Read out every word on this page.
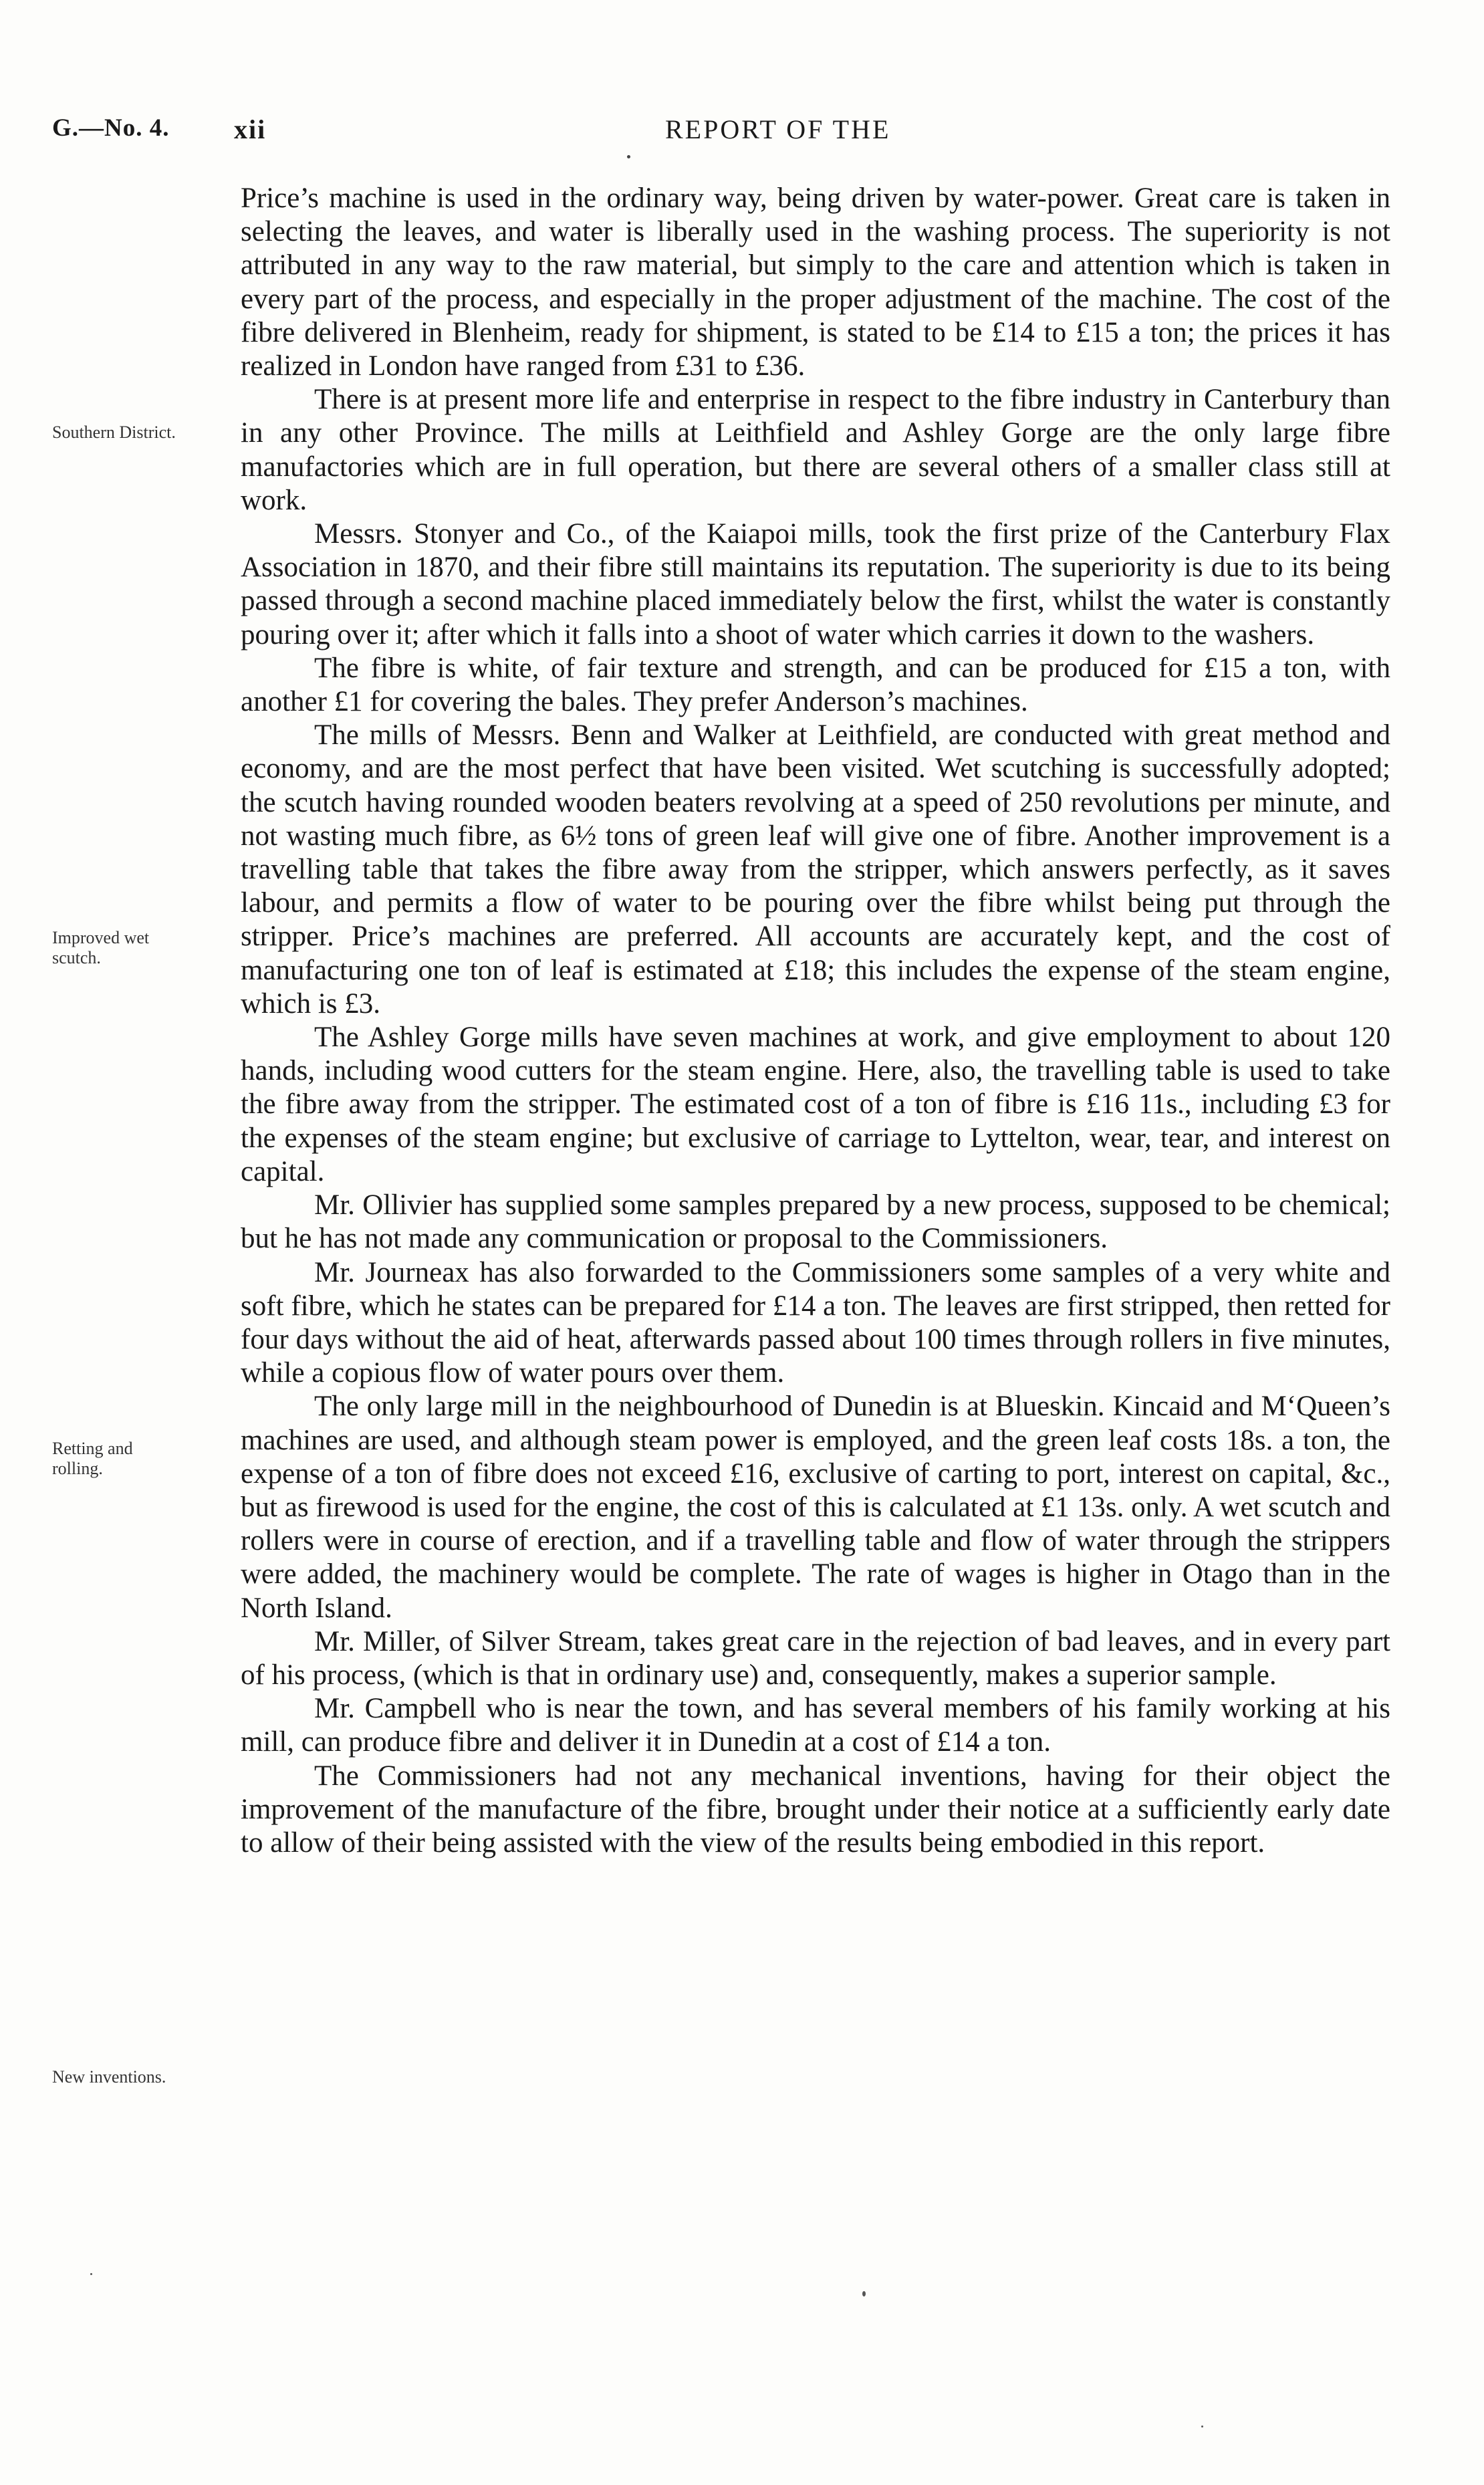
G.—No. 4. xii	REPORT OF THE
Southern District.
Improved wet scutch.
Retting and rolling.
New inventions.

Price’s machine is used in the ordinary way, being driven by water-power. Great care is taken in selecting the leaves, and water is liberally used in the washing process. The superiority is not attributed in any way to the raw material, but simply to the care and attention which is taken in every part of the process, and especially in the proper adjustment of the machine. The cost of the fibre delivered in Blenheim, ready for shipment, is stated to be £14 to £15 a ton; the prices it has realized in London have ranged from £31 to £36.

There is at present more life and enterprise in respect to the fibre industry in Canterbury than in any other Province. The mills at Leithfield and Ashley Gorge are the only large fibre manufactories which are in full operation, but there are several others of a smaller class still at work.

Messrs. Stonyer and Co., of the Kaiapoi mills, took the first prize of the Canterbury Flax Association in 1870, and their fibre still maintains its reputation. The superiority is due to its being passed through a second machine placed immediately below the first, whilst the water is constantly pouring over it; after which it falls into a shoot of water which carries it down to the washers.

The fibre is white, of fair texture and strength, and can be produced for £15 a ton, with another £1 for covering the bales. They prefer Anderson’s machines.

The mills of Messrs. Benn and Walker at Leithfield, are conducted with great method and economy, and are the most perfect that have been visited. Wet scutching is successfully adopted; the scutch having rounded wooden beaters revolving at a speed of 250 revolutions per minute, and not wasting much fibre, as 6½ tons of green leaf will give one of fibre. Another improvement is a travelling table that takes the fibre away from the stripper, which answers perfectly, as it saves labour, and permits a flow of water to be pouring over the fibre whilst being put through the stripper. Price’s machines are preferred. All accounts are accurately kept, and the cost of manufacturing one ton of leaf is estimated at £18; this includes the expense of the steam engine, which is £3.

The Ashley Gorge mills have seven machines at work, and give employment to about 120 hands, including wood cutters for the steam engine. Here, also, the travelling table is used to take the fibre away from the stripper. The estimated cost of a ton of fibre is £16 11s., including £3 for the expenses of the steam engine; but exclusive of carriage to Lyttelton, wear, tear, and interest on capital.

Mr. Ollivier has supplied some samples prepared by a new process, supposed to be chemical; but he has not made any communication or proposal to the Commissioners.

Mr. Journeax has also forwarded to the Commissioners some samples of a very white and soft fibre, which he states can be prepared for £14 a ton. The leaves are first stripped, then retted for four days without the aid of heat, afterwards passed about 100 times through rollers in five minutes, while a copious flow of water pours over them.

The only large mill in the neighbourhood of Dunedin is at Blueskin. Kincaid and M‘Queen’s machines are used, and although steam power is employed, and the green leaf costs 18s. a ton, the expense of a ton of fibre does not exceed £16, exclusive of carting to port, interest on capital, &c., but as firewood is used for the engine, the cost of this is calculated at £1 13s. only. A wet scutch and rollers were in course of erection, and if a travelling table and flow of water through the strippers were added, the machinery would be complete. The rate of wages is higher in Otago than in the North Island.

Mr. Miller, of Silver Stream, takes great care in the rejection of bad leaves, and in every part of his process, (which is that in ordinary use) and, consequently, makes a superior sample.

Mr. Campbell who is near the town, and has several members of his family working at his mill, can produce fibre and deliver it in Dunedin at a cost of £14 a ton.

The Commissioners had not any mechanical inventions, having for their object the improvement of the manufacture of the fibre, brought under their notice at a sufficiently early date to allow of their being assisted with the view of the results being embodied in this report.
